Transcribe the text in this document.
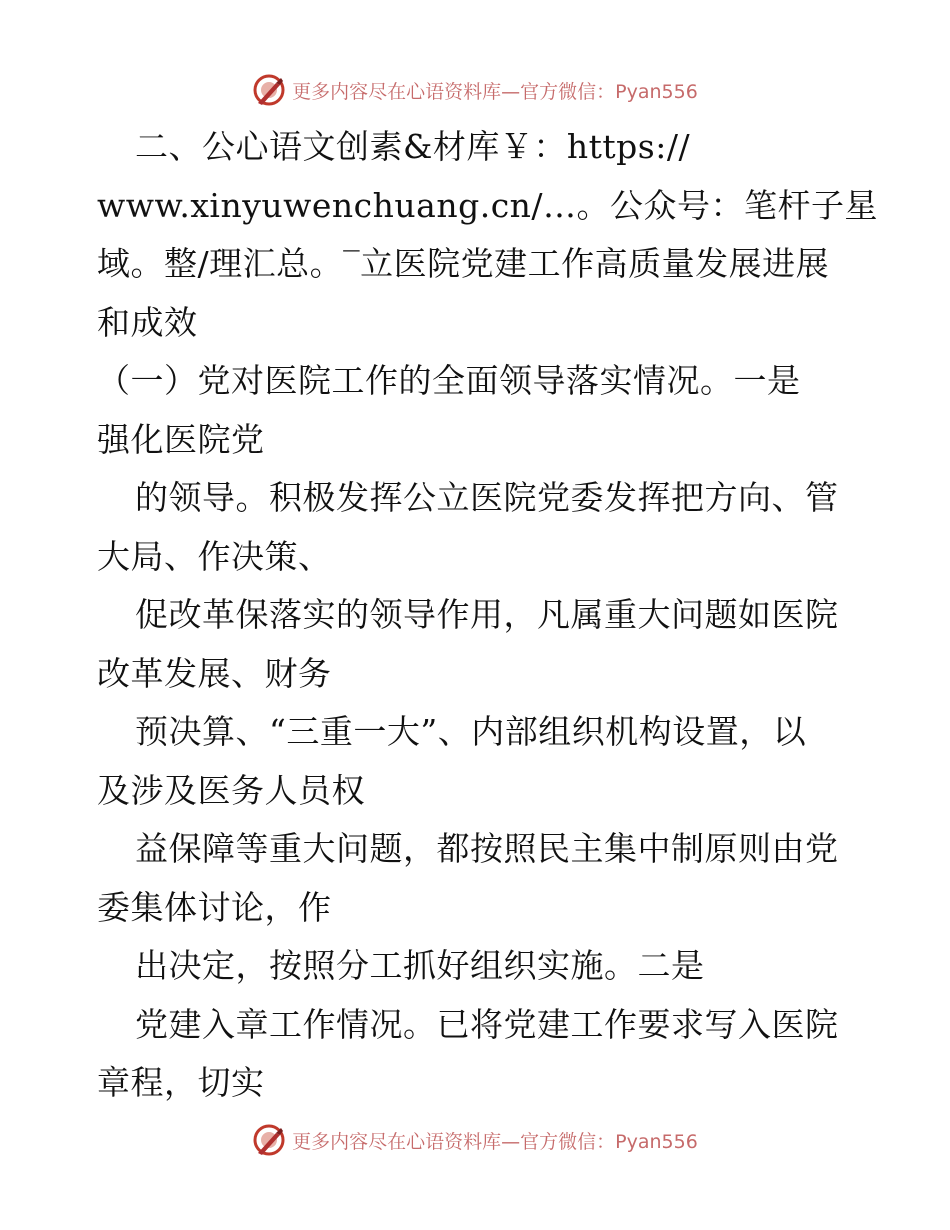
更多内容尽在心语资料库—官方微信：Pyan556
二、公心语文创素&材库￥：https://
www.xinyuwenchuang.cn/…。公众号：笔杆子星
域。整/理汇总。‾立医院党建工作高质量发展进展
和成效
（一）党对医院工作的全面领导落实情况。一是
强化医院党
的领导。积极发挥公立医院党委发挥把方向、管
大局、作决策、
促改革保落实的领导作用，凡属重大问题如医院
改革发展、财务
预决算、“三重一大”、内部组织机构设置，以
及涉及医务人员权
益保障等重大问题，都按照民主集中制原则由党
委集体讨论，作
出决定，按照分工抓好组织实施。二是
党建入章工作情况。已将党建工作要求写入医院
章程，切实
更多内容尽在心语资料库—官方微信：Pyan556
